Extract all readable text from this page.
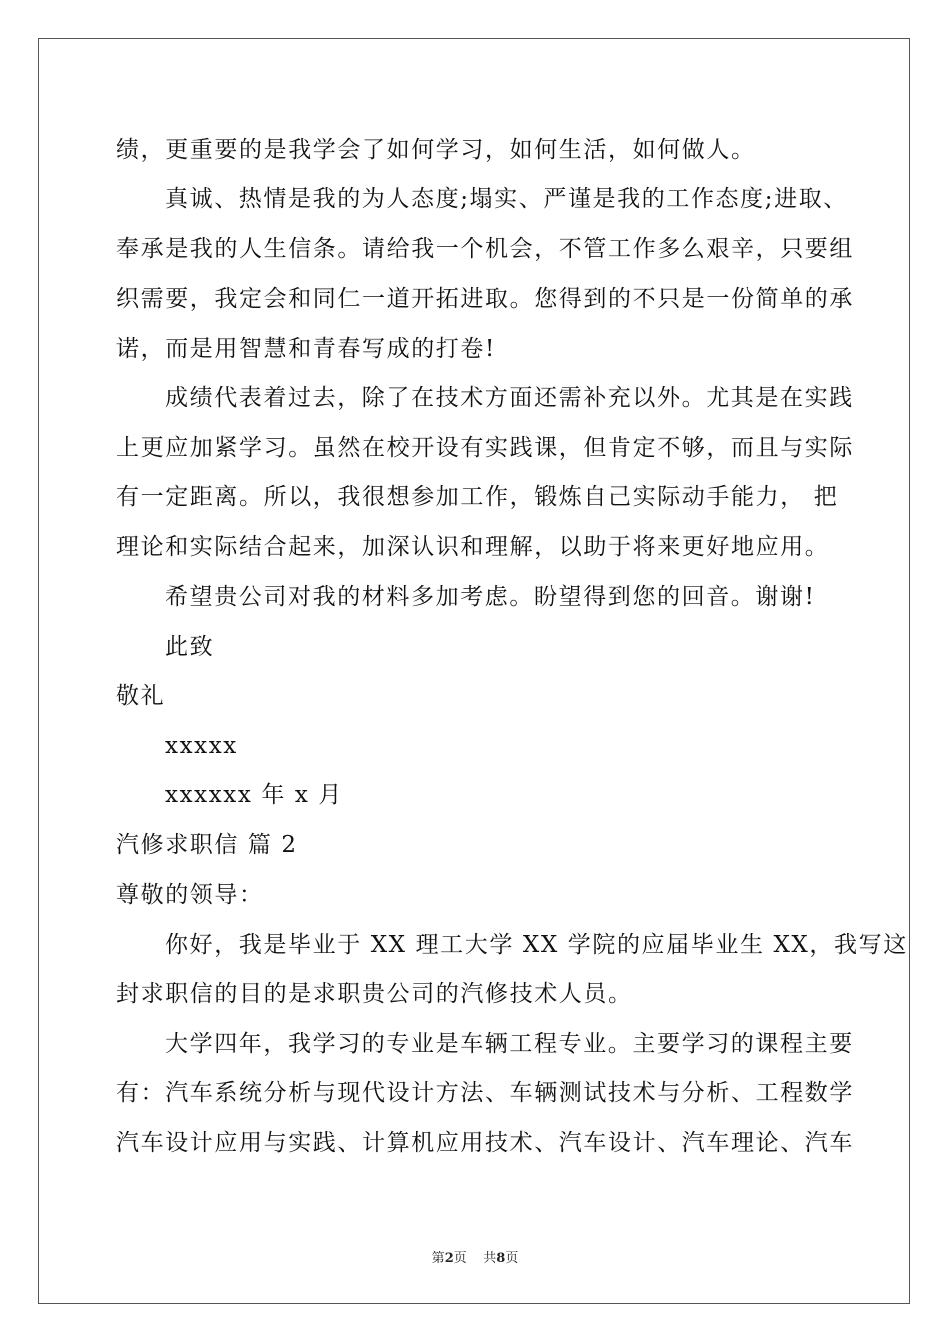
绩，更重要的是我学会了如何学习，如何生活，如何做人。
真诚、热情是我的为人态度;塌实、严谨是我的工作态度;进取、
奉承是我的人生信条。请给我一个机会，不管工作多么艰辛，只要组
织需要，我定会和同仁一道开拓进取。您得到的不只是一份简单的承
诺，而是用智慧和青春写成的打卷!
成绩代表着过去，除了在技术方面还需补充以外。尤其是在实践
上更应加紧学习。虽然在校开设有实践课，但肯定不够，而且与实际
有一定距离。所以，我很想参加工作，锻炼自己实际动手能力， 把
理论和实际结合起来，加深认识和理解，以助于将来更好地应用。
希望贵公司对我的材料多加考虑。盼望得到您的回音。谢谢!
此致
敬礼
xxxxx
xxxxxx 年 x 月
汽修求职信 篇 2
尊敬的领导：
你好，我是毕业于 XX 理工大学 XX 学院的应届毕业生 XX，我写这
封求职信的目的是求职贵公司的汽修技术人员。
大学四年，我学习的专业是车辆工程专业。主要学习的课程主要
有：汽车系统分析与现代设计方法、车辆测试技术与分析、工程数学
汽车设计应用与实践、计算机应用技术、汽车设计、汽车理论、汽车
第2页    共8页
